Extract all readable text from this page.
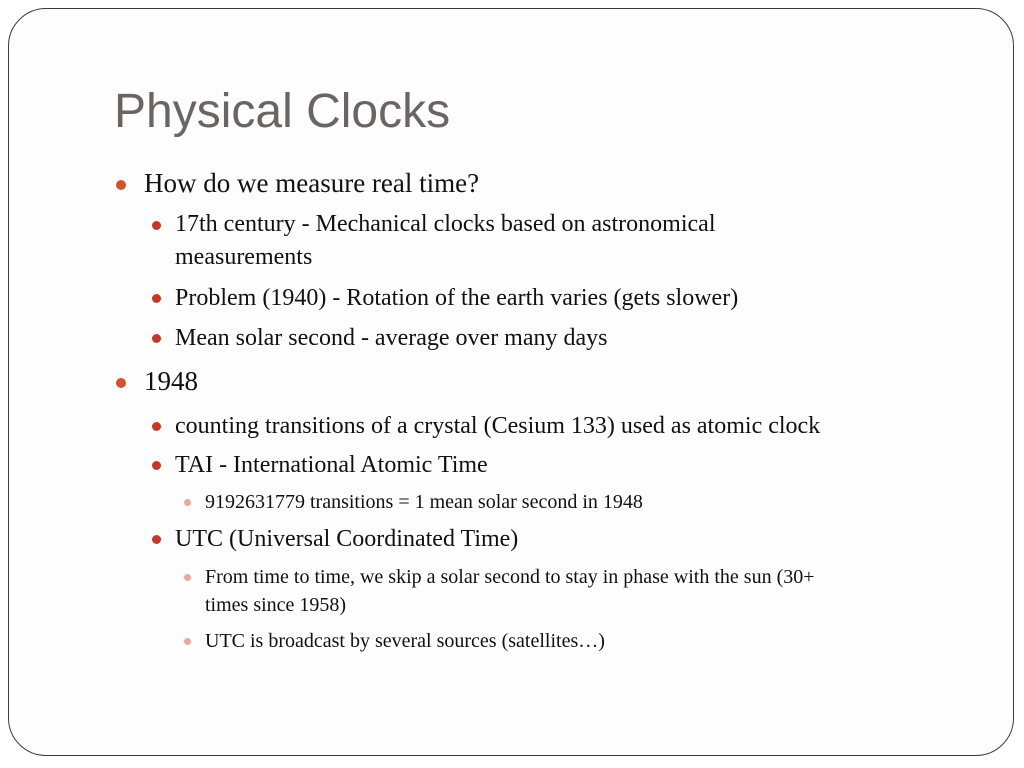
Physical Clocks
How do we measure real time?
17th century - Mechanical clocks based on astronomical
measurements
Problem (1940) - Rotation of the earth varies (gets slower)
Mean solar second - average over many days
1948
counting transitions of a crystal (Cesium 133) used as atomic clock
TAI - International Atomic Time
9192631779 transitions = 1 mean solar second in 1948
UTC (Universal Coordinated Time)
From time to time, we skip a solar second to stay in phase with the sun (30+
times since 1958)
UTC is broadcast by several sources (satellites…)
